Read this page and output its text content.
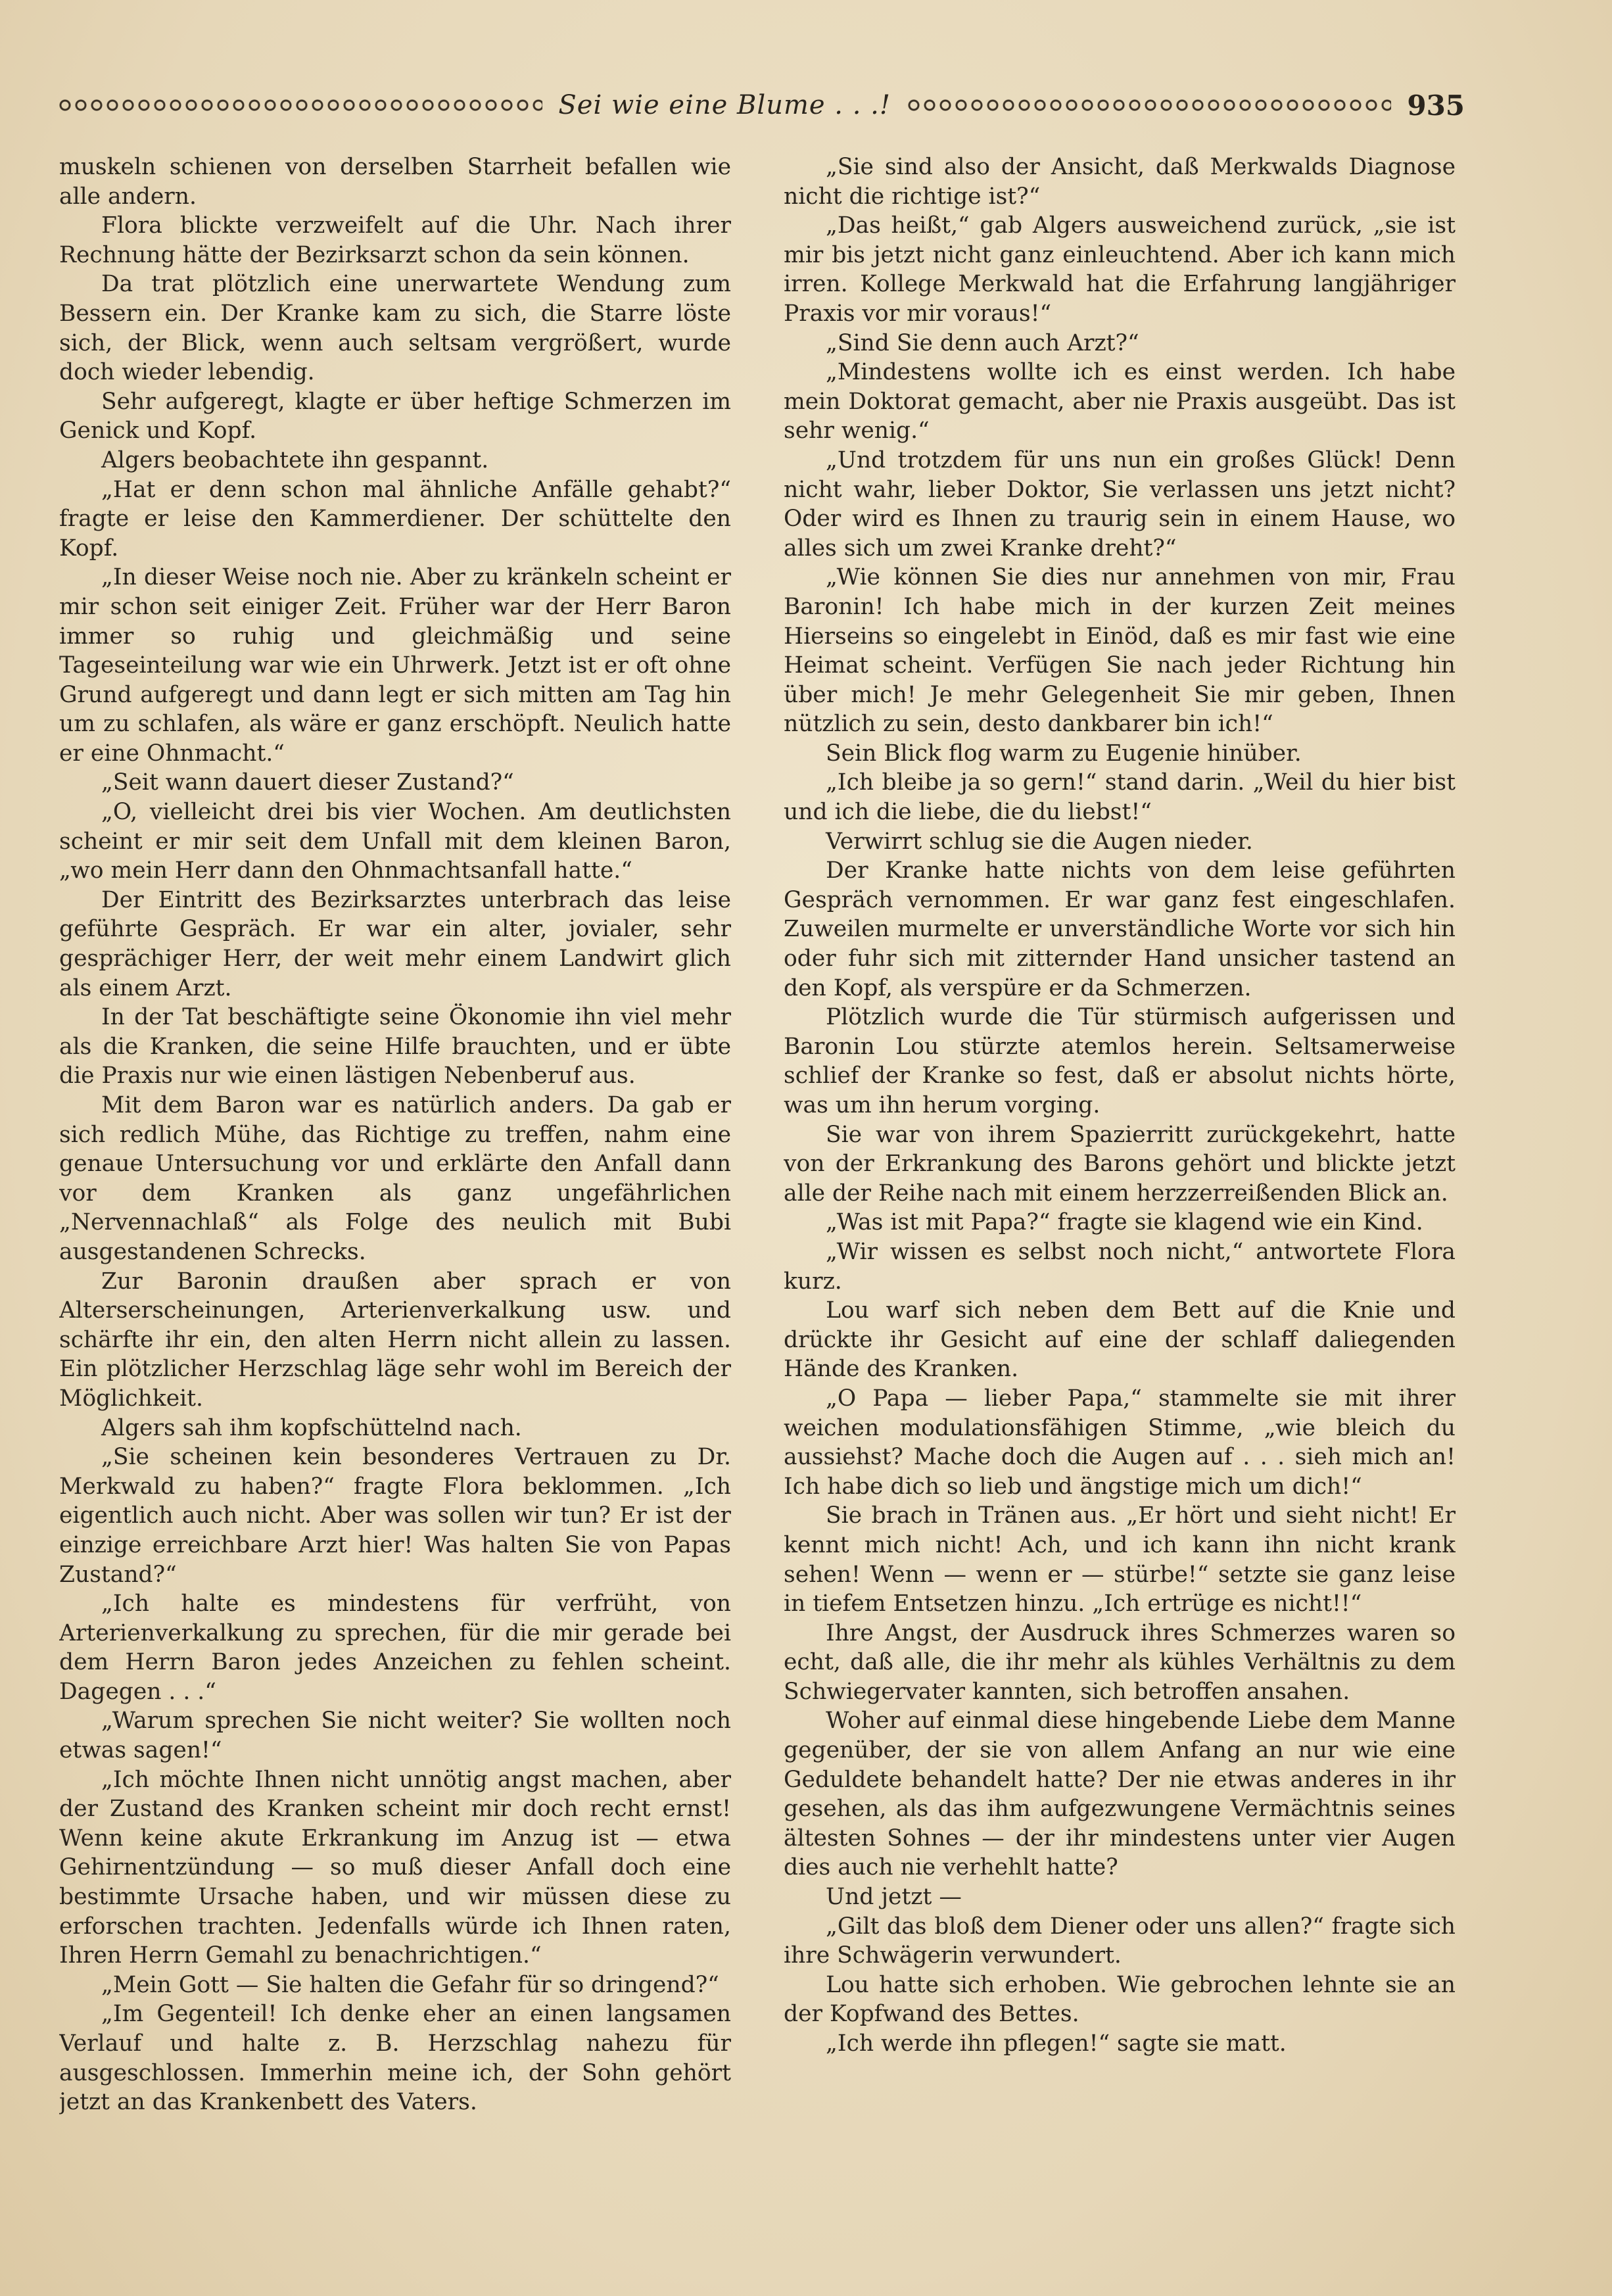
Sei wie eine Blume . . .!	935

muskeln schienen von derselben Starrheit befallen wie alle andern.

Flora blickte verzweifelt auf die Uhr. Nach ihrer Rechnung hätte der Bezirksarzt schon da sein können.

Da trat plötzlich eine unerwartete Wendung zum Bessern ein. Der Kranke kam zu sich, die Starre löste sich, der Blick, wenn auch seltsam vergrößert, wurde doch wieder lebendig.

Sehr aufgeregt, klagte er über heftige Schmerzen im Genick und Kopf.

Algers beobachtete ihn gespannt.

„Hat er denn schon mal ähnliche Anfälle gehabt?“ fragte er leise den Kammerdiener. Der schüttelte den Kopf.

„In dieser Weise noch nie. Aber zu kränkeln scheint er mir schon seit einiger Zeit. Früher war der Herr Baron immer so ruhig und gleichmäßig und seine Tageseinteilung war wie ein Uhrwerk. Jetzt ist er oft ohne Grund aufgeregt und dann legt er sich mitten am Tag hin um zu schlafen, als wäre er ganz erschöpft. Neulich hatte er eine Ohnmacht.“

„Seit wann dauert dieser Zustand?“

„O, vielleicht drei bis vier Wochen. Am deutlichsten scheint er mir seit dem Unfall mit dem kleinen Baron, „wo mein Herr dann den Ohnmachtsanfall hatte.“

Der Eintritt des Bezirksarztes unterbrach das leise geführte Gespräch. Er war ein alter, jovialer, sehr gesprächiger Herr, der weit mehr einem Landwirt glich als einem Arzt.

In der Tat beschäftigte seine Ökonomie ihn viel mehr als die Kranken, die seine Hilfe brauchten, und er übte die Praxis nur wie einen lästigen Nebenberuf aus.

Mit dem Baron war es natürlich anders. Da gab er sich redlich Mühe, das Richtige zu treffen, nahm eine genaue Untersuchung vor und erklärte den Anfall dann vor dem Kranken als ganz ungefährlichen „Nervennachlaß“ als Folge des neulich mit Bubi ausgestandenen Schrecks.

Zur Baronin draußen aber sprach er von Alterserscheinungen, Arterienverkalkung usw. und schärfte ihr ein, den alten Herrn nicht allein zu lassen. Ein plötzlicher Herzschlag läge sehr wohl im Bereich der Möglichkeit.

Algers sah ihm kopfschüttelnd nach.

„Sie scheinen kein besonderes Vertrauen zu Dr. Merkwald zu haben?“ fragte Flora beklommen. „Ich eigentlich auch nicht. Aber was sollen wir tun? Er ist der einzige erreichbare Arzt hier! Was halten Sie von Papas Zustand?“

„Ich halte es mindestens für verfrüht, von Arterienverkalkung zu sprechen, für die mir gerade bei dem Herrn Baron jedes Anzeichen zu fehlen scheint. Dagegen . . .“

„Warum sprechen Sie nicht weiter? Sie wollten noch etwas sagen!“

„Ich möchte Ihnen nicht unnötig angst machen, aber der Zustand des Kranken scheint mir doch recht ernst! Wenn keine akute Erkrankung im Anzug ist — etwa Gehirnentzündung — so muß dieser Anfall doch eine bestimmte Ursache haben, und wir müssen diese zu erforschen trachten. Jedenfalls würde ich Ihnen raten, Ihren Herrn Gemahl zu benachrichtigen.“

„Mein Gott — Sie halten die Gefahr für so dringend?“

„Im Gegenteil! Ich denke eher an einen langsamen Verlauf und halte z. B. Herzschlag nahezu für ausgeschlossen. Immerhin meine ich, der Sohn gehört jetzt an das Krankenbett des Vaters.

„Sie sind also der Ansicht, daß Merkwalds Diagnose nicht die richtige ist?“

„Das heißt,“ gab Algers ausweichend zurück, „sie ist mir bis jetzt nicht ganz einleuchtend. Aber ich kann mich irren. Kollege Merkwald hat die Erfahrung langjähriger Praxis vor mir voraus!“

„Sind Sie denn auch Arzt?“

„Mindestens wollte ich es einst werden. Ich habe mein Doktorat gemacht, aber nie Praxis ausgeübt. Das ist sehr wenig.“

„Und trotzdem für uns nun ein großes Glück! Denn nicht wahr, lieber Doktor, Sie verlassen uns jetzt nicht? Oder wird es Ihnen zu traurig sein in einem Hause, wo alles sich um zwei Kranke dreht?“

„Wie können Sie dies nur annehmen von mir, Frau Baronin! Ich habe mich in der kurzen Zeit meines Hierseins so eingelebt in Einöd, daß es mir fast wie eine Heimat scheint. Verfügen Sie nach jeder Richtung hin über mich! Je mehr Gelegenheit Sie mir geben, Ihnen nützlich zu sein, desto dankbarer bin ich!“

Sein Blick flog warm zu Eugenie hinüber.

„Ich bleibe ja so gern!“ stand darin. „Weil du hier bist und ich die liebe, die du liebst!“

Verwirrt schlug sie die Augen nieder.

Der Kranke hatte nichts von dem leise geführten Gespräch vernommen. Er war ganz fest eingeschlafen. Zuweilen murmelte er unverständliche Worte vor sich hin oder fuhr sich mit zitternder Hand unsicher tastend an den Kopf, als verspüre er da Schmerzen.

Plötzlich wurde die Tür stürmisch aufgerissen und Baronin Lou stürzte atemlos herein. Seltsamerweise schlief der Kranke so fest, daß er absolut nichts hörte, was um ihn herum vorging.

Sie war von ihrem Spazierritt zurückgekehrt, hatte von der Erkrankung des Barons gehört und blickte jetzt alle der Reihe nach mit einem herzzerreißenden Blick an.

„Was ist mit Papa?“ fragte sie klagend wie ein Kind.

„Wir wissen es selbst noch nicht,“ antwortete Flora kurz.

Lou warf sich neben dem Bett auf die Knie und drückte ihr Gesicht auf eine der schlaff daliegenden Hände des Kranken.

„O Papa — lieber Papa,“ stammelte sie mit ihrer weichen modulationsfähigen Stimme, „wie bleich du aussiehst? Mache doch die Augen auf . . . sieh mich an! Ich habe dich so lieb und ängstige mich um dich!“

Sie brach in Tränen aus. „Er hört und sieht nicht! Er kennt mich nicht! Ach, und ich kann ihn nicht krank sehen! Wenn — wenn er — stürbe!“ setzte sie ganz leise in tiefem Entsetzen hinzu. „Ich ertrüge es nicht!!“

Ihre Angst, der Ausdruck ihres Schmerzes waren so echt, daß alle, die ihr mehr als kühles Verhältnis zu dem Schwiegervater kannten, sich betroffen ansahen.

Woher auf einmal diese hingebende Liebe dem Manne gegenüber, der sie von allem Anfang an nur wie eine Geduldete behandelt hatte? Der nie etwas anderes in ihr gesehen, als das ihm aufgezwungene Vermächtnis seines ältesten Sohnes — der ihr mindestens unter vier Augen dies auch nie verhehlt hatte?

Und jetzt —

„Gilt das bloß dem Diener oder uns allen?“ fragte sich ihre Schwägerin verwundert.

Lou hatte sich erhoben. Wie gebrochen lehnte sie an der Kopfwand des Bettes.

„Ich werde ihn pflegen!“ sagte sie matt.
